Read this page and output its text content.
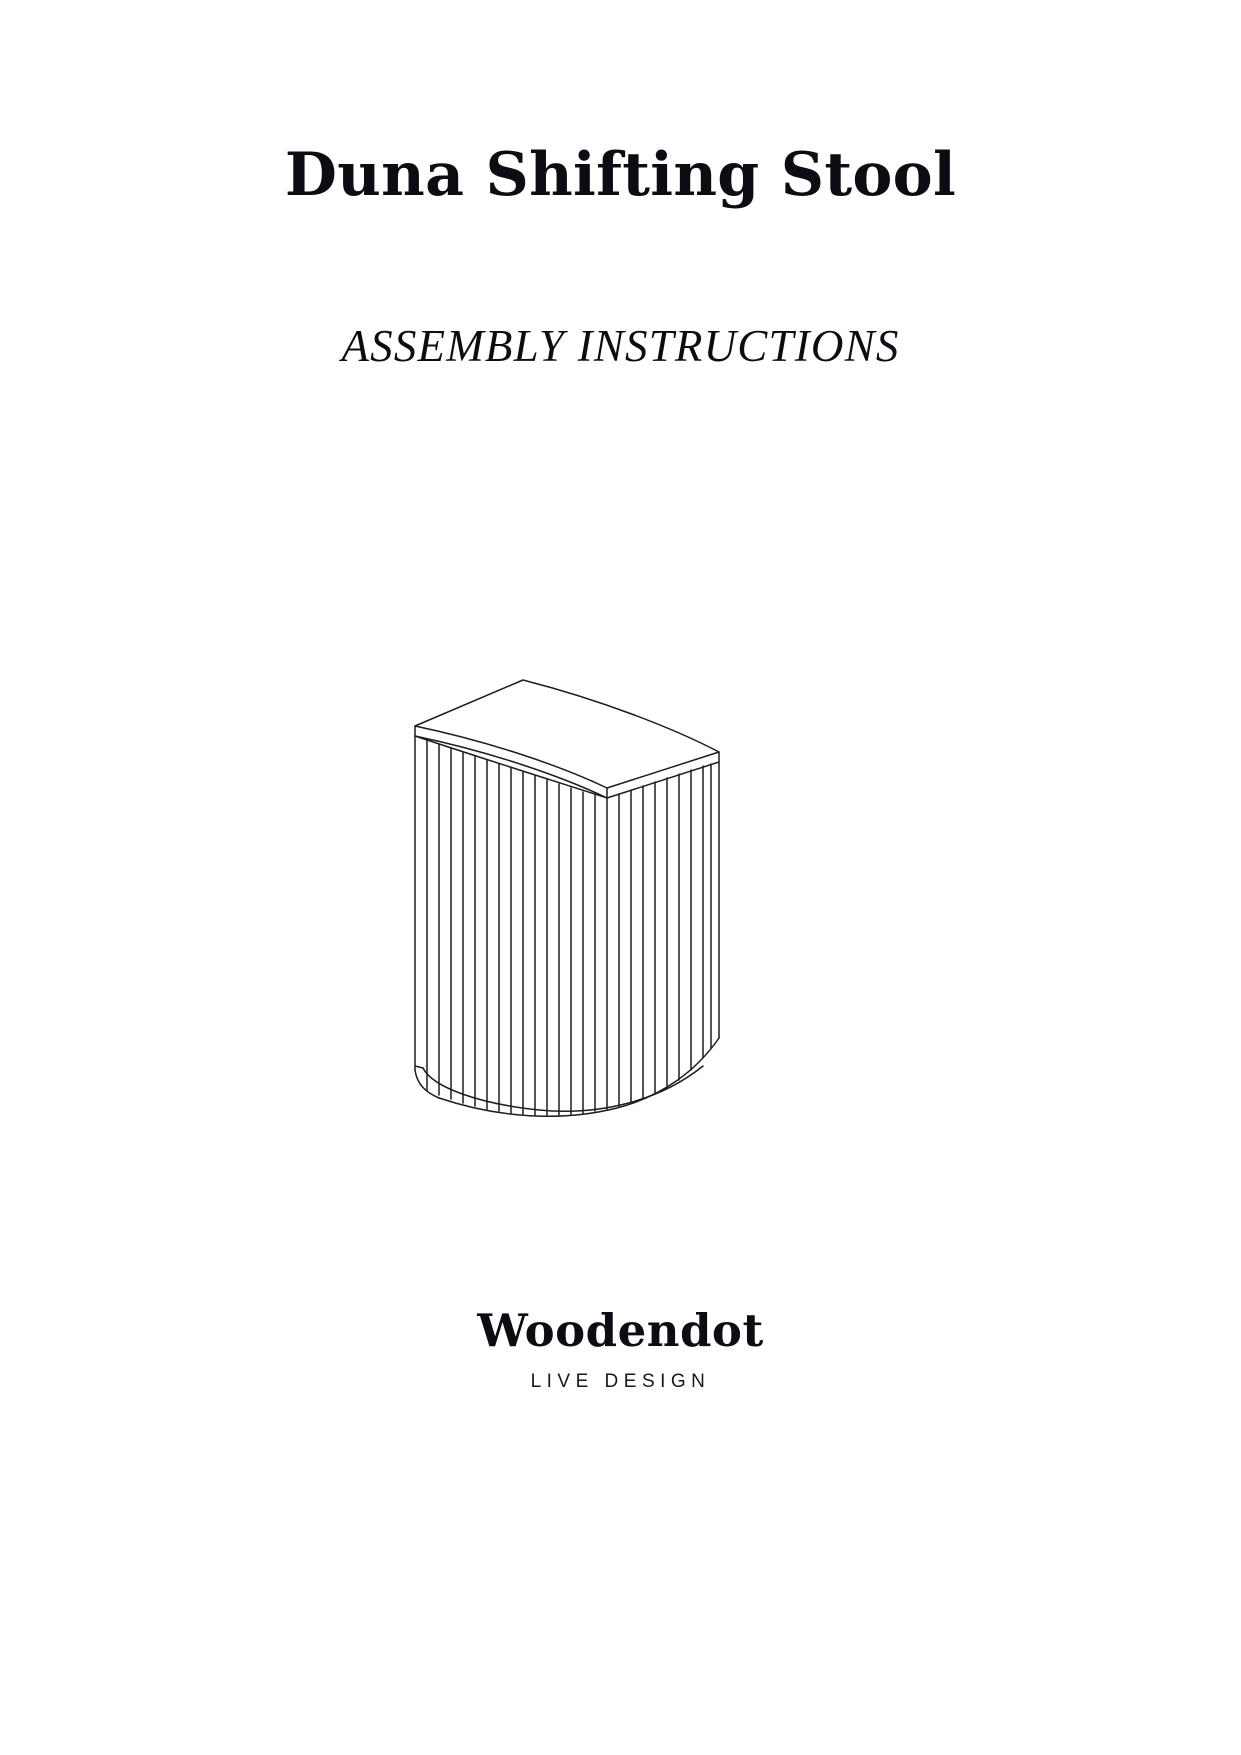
Duna Shifting Stool
ASSEMBLY INSTRUCTIONS
Woodendot
LIVE DESIGN
